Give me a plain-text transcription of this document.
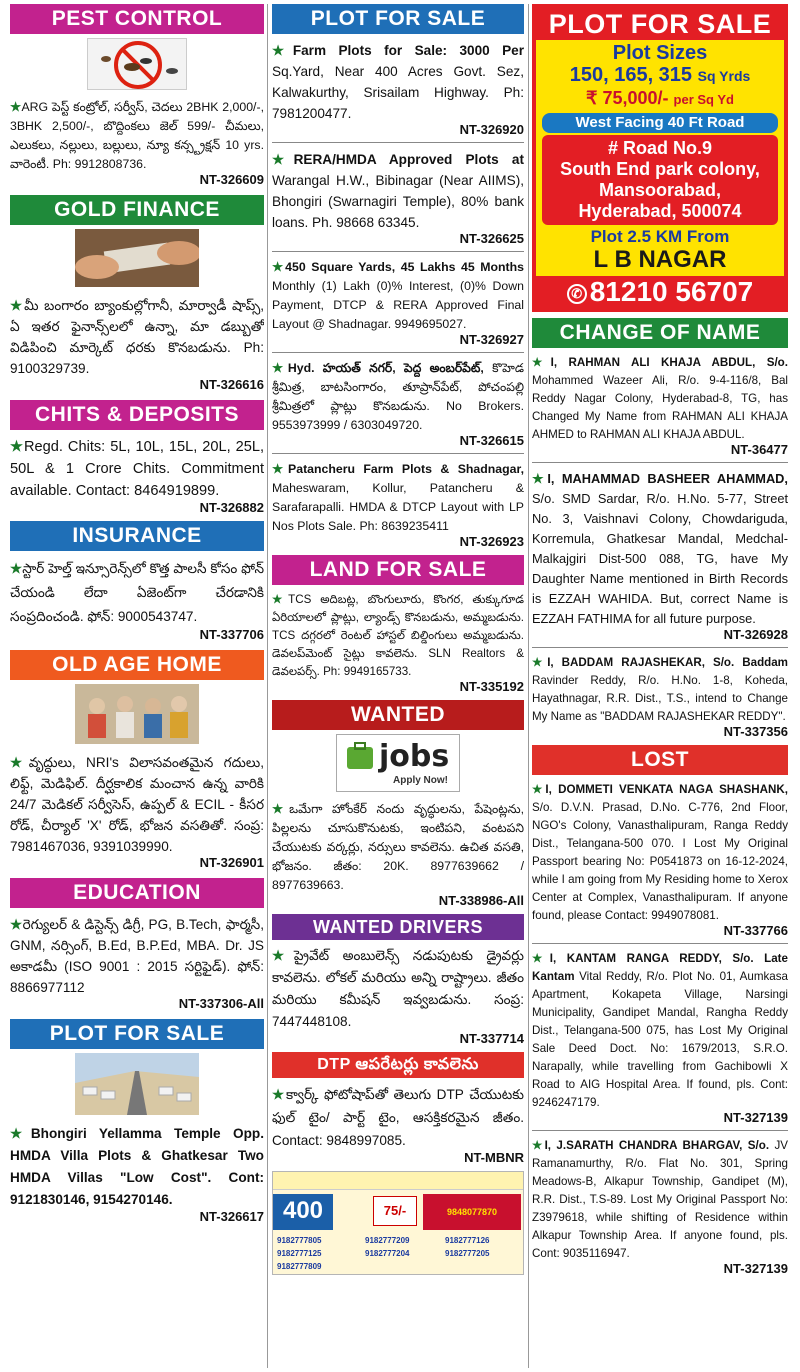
PEST CONTROL

★ARG పెస్ట్ కంట్రోల్, సర్వీస్, చెదలు 2BHK 2,000/-, 3BHK 2,500/-, బొద్దింకలు జెల్ 599/- చీమలు, ఎలుకలు, నల్లులు, బల్లులు, న్యూ కన్స్ట్రక్షన్ 10 yrs. వారెంటీ. Ph: 9912808736.

NT-326609
GOLD FINANCE

★మీ బంగారం బ్యాంకుల్లోగానీ, మార్వాడీ షాప్స్, ఏ ఇతర ఫైనాన్స్‌లలో ఉన్నా, మా డబ్బుతో విడిపించి మార్కెట్ ధరకు కొనబడును. Ph: 9100329739.

NT-326616
CHITS & DEPOSITS

★Regd. Chits: 5L, 10L, 15L, 20L, 25L, 50L & 1 Crore Chits. Commitment available. Contact: 8464919899.

NT-326882
INSURANCE

★స్టార్ హెల్త్ ఇన్సూరెన్స్‌లో కొత్త పాలసీ కోసం ఫోన్ చేయండి లేదా ఏజెంట్‌గా చేరడానికి సంప్రదించండి. ఫోన్: 9000543747.

NT-337706
OLD AGE HOME

★వృద్ధులు, NRI's విలాసవంతమైన గదులు, లిఫ్ట్, మెడిఫిల్. దీర్ఘకాలిక మంచాన ఉన్న వారికి 24/7 మెడికల్ సర్వీసెస్, ఉప్పల్ & ECIL - కీసర రోడ్, చీర్యాల్ 'X' రోడ్, భోజన వసతితో. సంప్ర: 7981467036, 9391039990.

NT-326901
EDUCATION

★రెగ్యులర్ & డిస్టెన్స్ డిగ్రీ, PG, B.Tech, ఫార్మసీ, GNM, నర్సింగ్, B.Ed, B.P.Ed, MBA. Dr. JS అకాడమీ (ISO 9001 : 2015 సర్టిఫైడ్). ఫోన్: 8866977112

NT-337306-All
PLOT FOR SALE

★Bhongiri Yellamma Temple Opp. HMDA Villa Plots & Ghatkesar Two HMDA Villas "Low Cost". Cont: 9121830146, 9154270146.

NT-326617
PLOT FOR SALE

★Farm Plots for Sale: 3000 Per Sq.Yard, Near 400 Acres Govt. Sez, Kalwakurthy, Srisailam Highway. Ph: 7981200477.

NT-326920

★RERA/HMDA Approved Plots at Warangal H.W., Bibinagar (Near AIIMS), Bhongiri (Swarnagiri Temple), 80% bank loans. Ph. 98668 63345.

NT-326625

★450 Square Yards, 45 Lakhs 45 Months Monthly (1) Lakh (0)% Interest, (0)% Down Payment, DTCP & RERA Approved Final Layout @ Shadnagar. 9949695027.

NT-326927

★Hyd. హయత్ నగర్, పెద్ద అంబర్‌పేట్, కొహెడ శ్రీమిత్ర, బాటసింగారం, తూప్రాన్‌పేట్, పోచంపల్లి శ్రీమిత్రలో ప్లాట్లు కొనబడును. No Brokers. 9553973999 / 6303049720.

NT-326615

★Patancheru Farm Plots & Shadnagar, Maheswaram, Kollur, Patancheru & Sarafarapalli. HMDA & DTCP Layout with LP Nos Plots Sale. Ph: 8639235411

NT-326923
LAND FOR SALE

★TCS అదిబట్ల, బొంగులూరు, కొంగర, తుక్కుగూడ ఏరియాలలో ప్లాట్లు, ల్యాండ్స్ కొనబడును, అమ్మబడును. TCS దగ్గరలో రెంటల్ హాస్టల్ బిల్డింగులు అమ్మబడును. డెవలప్‌మెంట్ సైట్లు కావలెను. SLN Realtors & డెవలపర్స్. Ph: 9949165733.

NT-335192
WANTED
jobs
Apply Now!

★ఒమేగా హోంకేర్ నందు వృద్ధులను, పేషెంట్లను, పిల్లలను చూసుకొనుటకు, ఇంటిపని, వంటపని చేయుటకు వర్కర్లు, నర్సులు కావలెను. ఉచిత వసతి, భోజనం. జీతం: 20K. 8977639662 / 8977639663.

NT-338986-All
WANTED DRIVERS

★ప్రైవేట్ అంబులెన్స్ నడుపుటకు డ్రైవర్లు కావలెను. లోకల్ మరియు అన్ని రాష్ట్రాలు. జీతం మరియు కమీషన్ ఇవ్వబడును. సంప్ర: 7447448108.

NT-337714
DTP ఆపరేటర్లు కావలెను

★క్వార్క్ ఫోటోషాప్‌తో తెలుగు DTP చేయుటకు ఫుల్ టైం/ పార్ట్ టైం, ఆసక్తికరమైన జీతం. Contact: 9848997085.

NT-MBNR
400	75/-	9848077870
9182777805
9182777125
9182777809
9182777209
9182777204
9182777126
9182777205
PLOT FOR SALE
Plot Sizes
150, 165, 315 Sq Yrds
₹ 75,000/- per Sq Yd
West Facing 40 Ft Road
# Road No.9
South End park colony,
Mansoorabad,
Hyderabad, 500074
Plot 2.5 KM From
L B NAGAR
✆ 81210 56707
CHANGE OF NAME

★I, RAHMAN ALI KHAJA ABDUL, S/o. Mohammed Wazeer Ali, R/o. 9-4-116/8, Bal Reddy Nagar Colony, Hyderabad-8, TG, has Changed My Name from RAHMAN ALI KHAJA AHMED to RAHMAN ALI KHAJA ABDUL.

NT-36477

★I, MAHAMMAD BASHEER AHAMMAD, S/o. SMD Sardar, R/o. H.No. 5-77, Street No. 3, Vaishnavi Colony, Chowdariguda, Korremula, Ghatkesar Mandal, Medchal-Malkajgiri Dist-500 088, TG, have My Daughter Name mentioned in Birth Records is EZZAH WAHIDA. But, correct Name is EZZAH FATHIMA for all future purpose.

NT-326928

★I, BADDAM RAJASHEKAR, S/o. Baddam Ravinder Reddy, R/o. H.No. 1-8, Koheda, Hayathnagar, R.R. Dist., T.S., intend to Change My Name as "BADDAM RAJASHEKAR REDDY".

NT-337356
LOST

★I, DOMMETI VENKATA NAGA SHASHANK, S/o. D.V.N. Prasad, D.No. C-776, 2nd Floor, NGO's Colony, Vanasthalipuram, Ranga Reddy Dist., Telangana-500 070. I Lost My Original Passport bearing No: P0541873 on 16-12-2024, while I am going from My Residing home to Xerox Center at Complex, Vanasthalipuram. If anyone found, please Contact: 9949078081.

NT-337766

★I, KANTAM RANGA REDDY, S/o. Late Kantam Vital Reddy, R/o. Plot No. 01, Aumkasa Apartment, Kokapeta Village, Narsingi Municipality, Gandipet Mandal, Rangha Reddy Dist., Telangana-500 075, has Lost My Original Sale Deed Doct. No: 1679/2013, S.R.O. Narapally, while travelling from Gachibowli X Road to AIG Hospital Area. If found, pls. Cont: 9246247179.

NT-327139

★I, J.SARATH CHANDRA BHARGAV, S/o. JV Ramanamurthy, R/o. Flat No. 301, Spring Meadows-B, Alkapur Township, Gandipet (M), R.R. Dist., T.S-89. Lost My Original Passport No: Z3979618, while shifting of Residence within Alkapur Township Area. If anyone found, pls. Cont: 9035116947.

NT-327139
